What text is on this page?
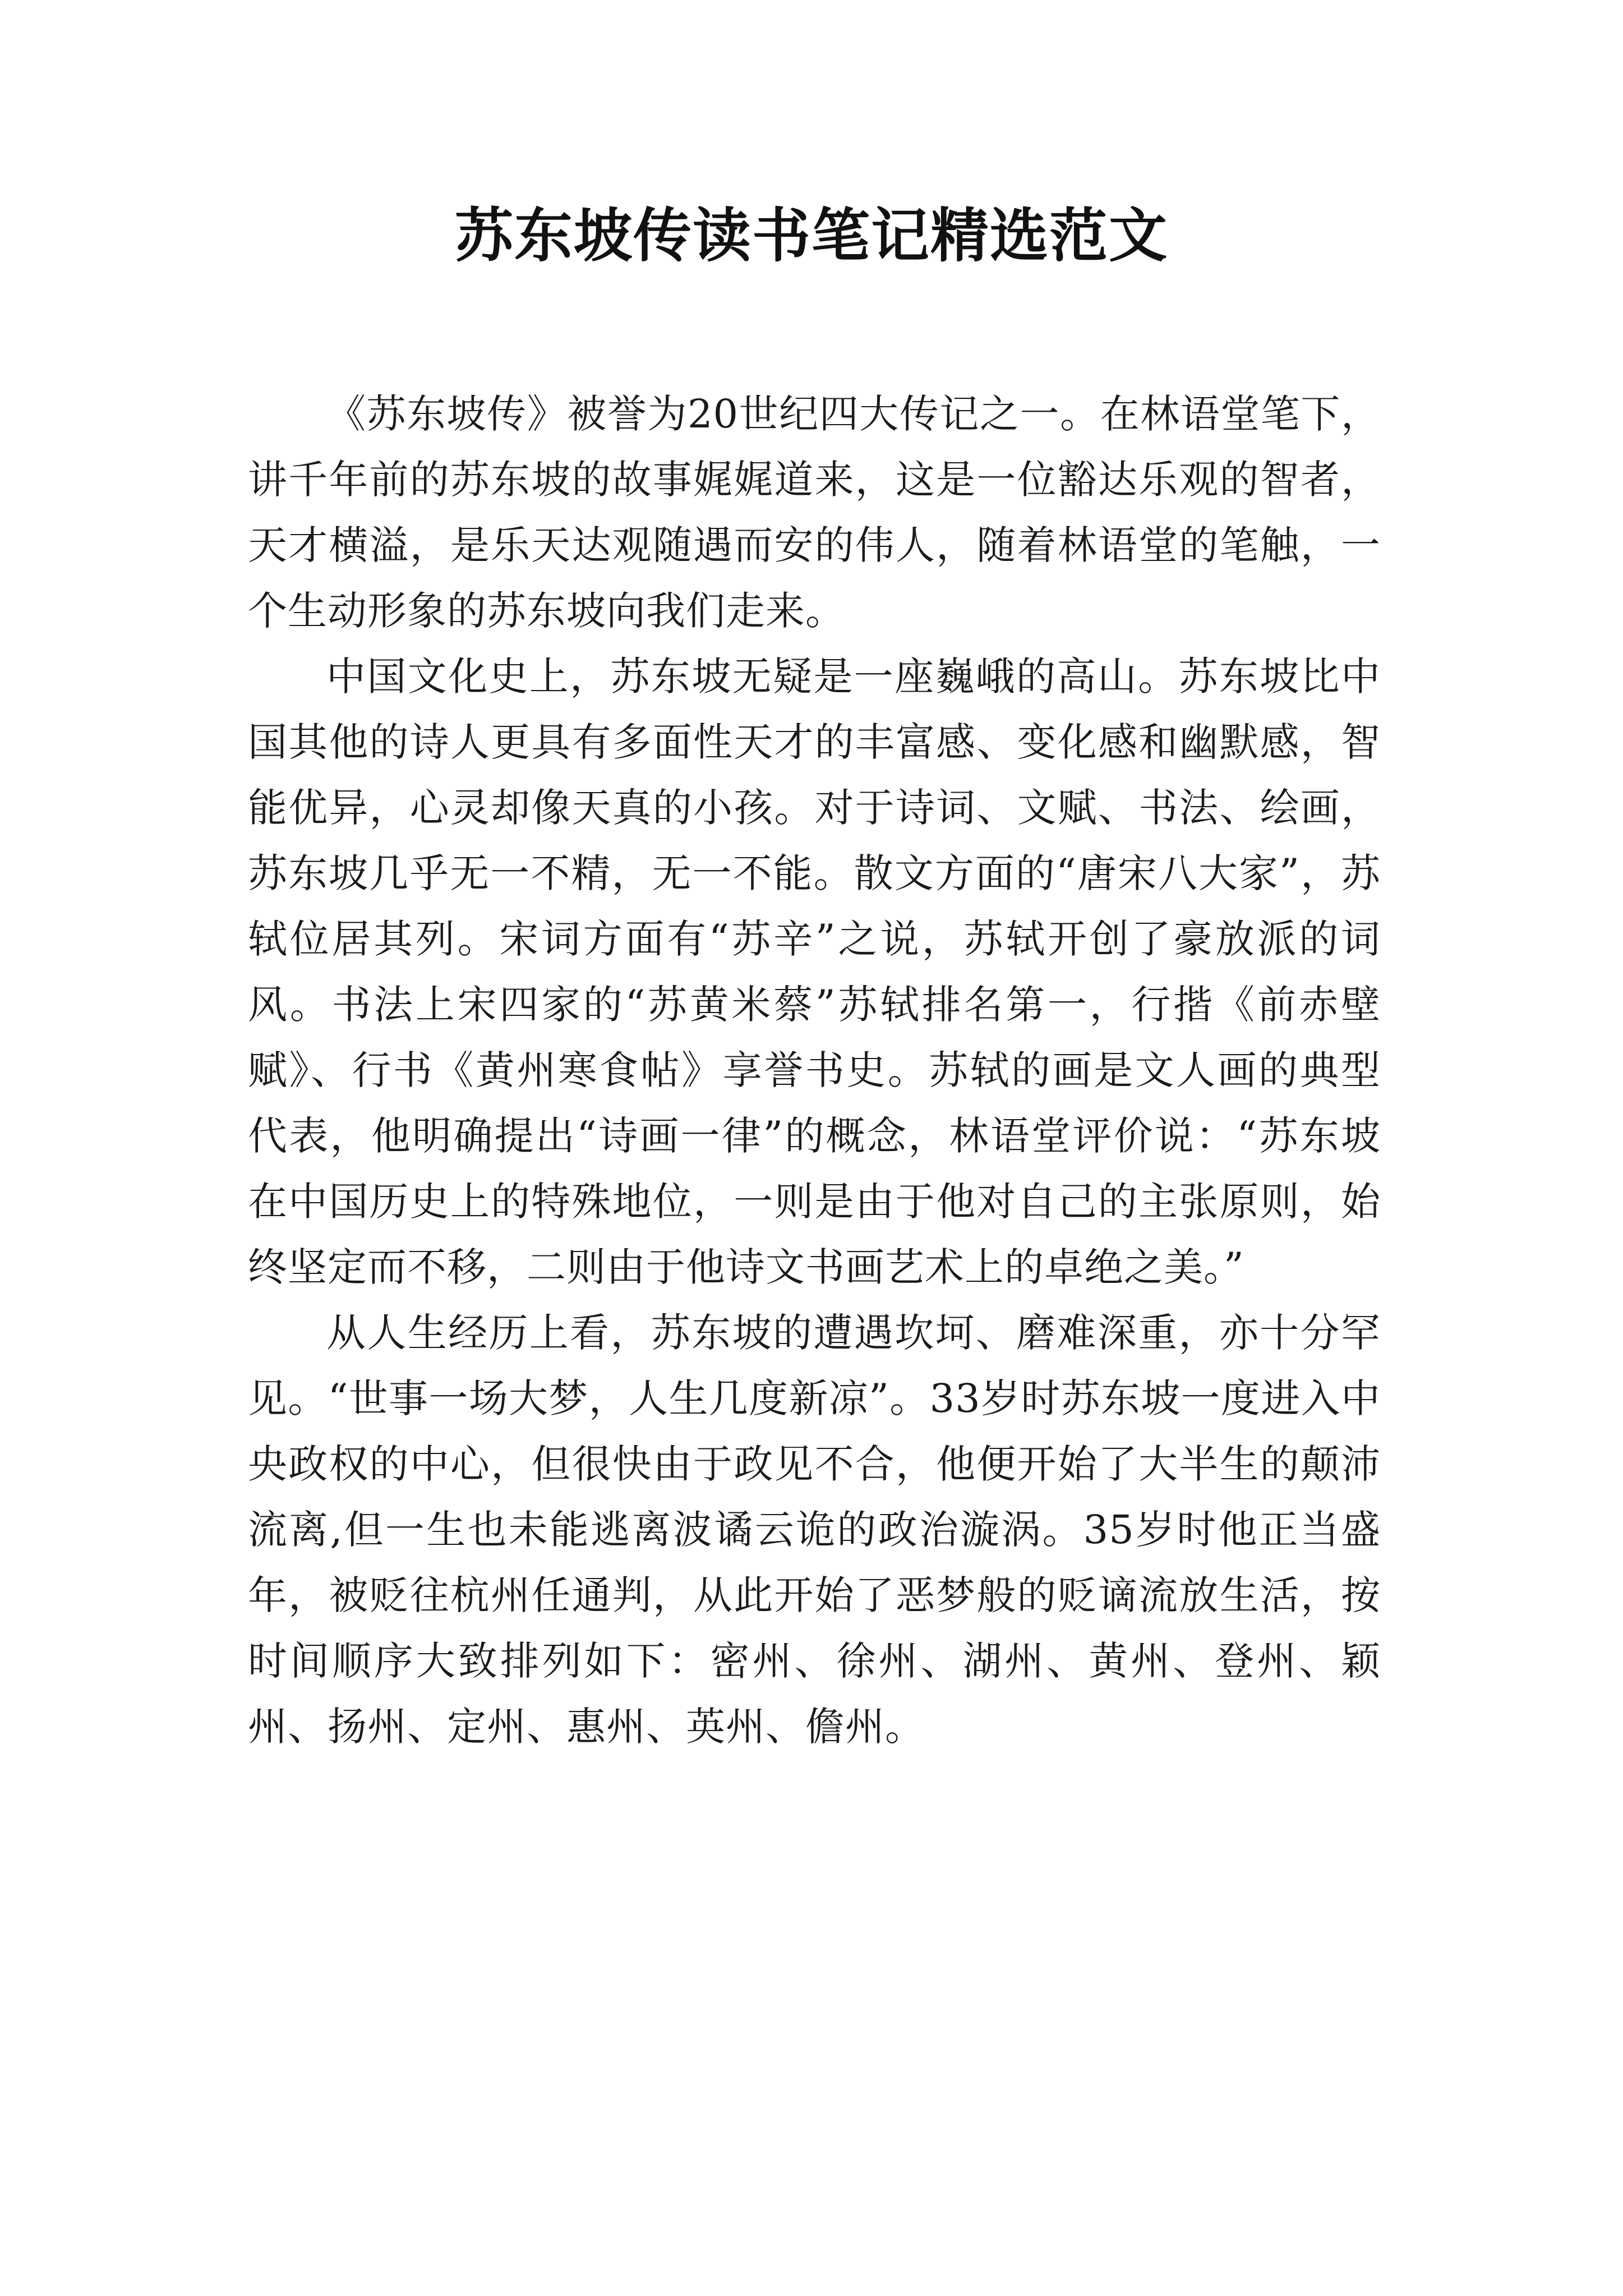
苏东坡传读书笔记精选范文

《苏东坡传》被誉为20世纪四大传记之一。在林语堂笔下，讲千年前的苏东坡的故事娓娓道来，这是一位豁达乐观的智者，天才横溢，是乐天达观随遇而安的伟人，随着林语堂的笔触，一个生动形象的苏东坡向我们走来。

中国文化史上，苏东坡无疑是一座巍峨的高山。苏东坡比中国其他的诗人更具有多面性天才的丰富感、变化感和幽默感，智能优异，心灵却像天真的小孩。对于诗词、文赋、书法、绘画，苏东坡几乎无一不精，无一不能。散文方面的“唐宋八大家”，苏轼位居其列。宋词方面有“苏辛”之说，苏轼开创了豪放派的词风。书法上宋四家的“苏黄米蔡”苏轼排名第一，行揩《前赤壁赋》、行书《黄州寒食帖》享誉书史。苏轼的画是文人画的典型代表，他明确提出“诗画一律”的概念，林语堂评价说：“苏东坡在中国历史上的特殊地位，一则是由于他对自己的主张原则，始终坚定而不移，二则由于他诗文书画艺术上的卓绝之美。”

从人生经历上看，苏东坡的遭遇坎坷、磨难深重，亦十分罕见。“世事一场大梦，人生几度新凉”。33岁时苏东坡一度进入中央政权的中心，但很快由于政见不合，他便开始了大半生的颠沛流离,但一生也未能逃离波谲云诡的政治漩涡。35岁时他正当盛年，被贬往杭州任通判，从此开始了恶梦般的贬谪流放生活，按时间顺序大致排列如下：密州、徐州、湖州、黄州、登州、颖州、扬州、定州、惠州、英州、儋州。
